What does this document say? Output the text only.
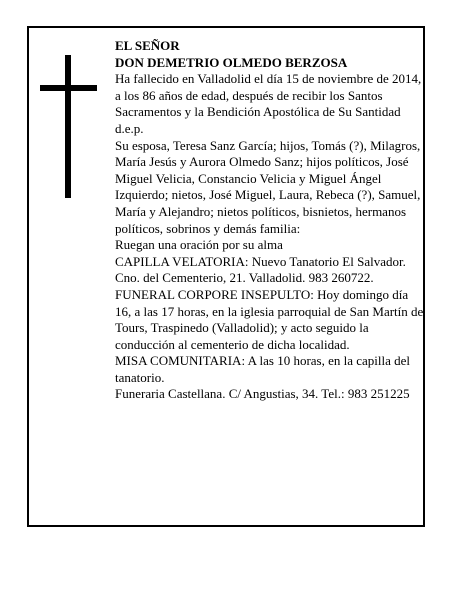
EL SEÑOR

DON DEMETRIO OLMEDO BERZOSA

Ha fallecido en Valladolid el día 15 de noviembre de 2014, a los 86 años de edad, después de recibir los Santos Sacramentos y la Bendición Apostólica de Su Santidad

d.e.p.

Su esposa, Teresa Sanz García; hijos, Tomás (?), Milagros, María Jesús y Aurora Olmedo Sanz; hijos políticos, José Miguel Velicia, Constancio Velicia y Miguel Ángel Izquierdo; nietos, José Miguel, Laura, Rebeca (?), Samuel, María y Alejandro; nietos políticos, bisnietos, hermanos políticos, sobrinos y demás familia:

Ruegan una oración por su alma

CAPILLA VELATORIA: Nuevo Tanatorio El Salvador. Cno. del Cementerio, 21. Valladolid. 983 260722.

FUNERAL CORPORE INSEPULTO: Hoy domingo día 16, a las 17 horas, en la iglesia parroquial de San Martín de Tours, Traspinedo (Valladolid); y acto seguido la conducción al cementerio de dicha localidad.

MISA COMUNITARIA: A las 10 horas, en la capilla del tanatorio.

Funeraria Castellana. C/ Angustias, 34. Tel.: 983 251225
